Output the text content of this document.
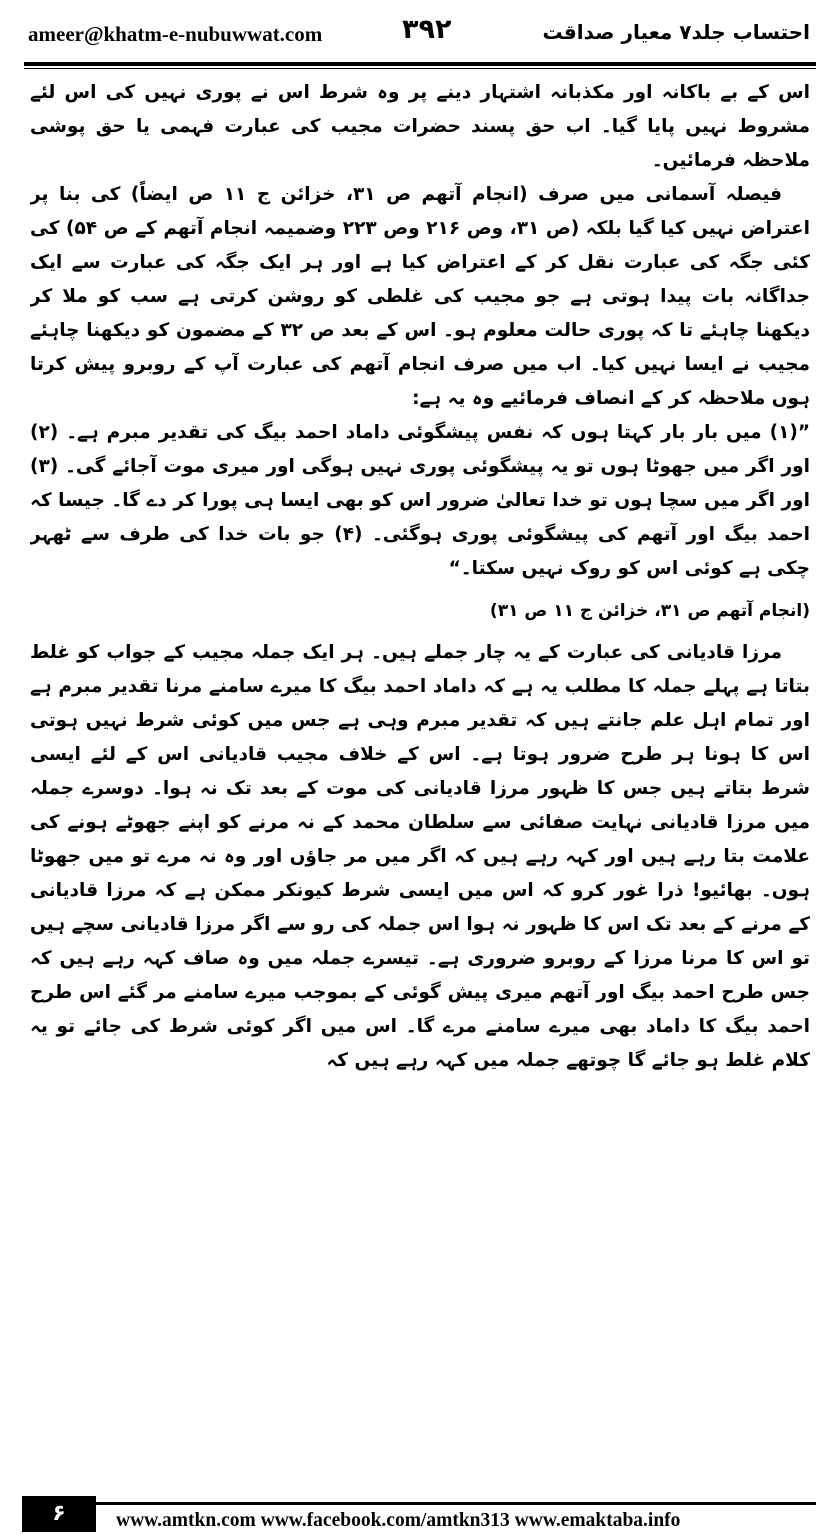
ameer@khatm-e-nubuwwat.com	٣٩٢	احتساب جلد۷ معیار صداقت

اس کے بے باکانہ اور مکذبانہ اشتہار دینے پر وہ شرط اس نے پوری نہیں کی اس لئے مشروط نہیں پایا گیا۔ اب حق پسند حضرات مجیب کی عبارت فہمی یا حق پوشی ملاحظہ فرمائیں۔

فیصلہ آسمانی میں صرف (انجام آتھم ص ۳۱، خزائن ج ۱۱ ص ایضاً) کی بنا پر اعتراض نہیں کیا گیا بلکہ (ص ۳۱، وص ۲۱۶ وص ۲۲۳ وضمیمہ انجام آتھم کے ص ۵۴) کی کئی جگہ کی عبارت نقل کر کے اعتراض کیا ہے اور ہر ایک جگہ کی عبارت سے ایک جداگانہ بات پیدا ہوتی ہے جو مجیب کی غلطی کو روشن کرتی ہے سب کو ملا کر دیکھنا چاہئے تا کہ پوری حالت معلوم ہو۔ اس کے بعد ص ۳۲ کے مضمون کو دیکھنا چاہئے مجیب نے ایسا نہیں کیا۔ اب میں صرف انجام آتھم کی عبارت آپ کے روبرو پیش کرتا ہوں ملاحظہ کر کے انصاف فرمائیے وہ یہ ہے:

”(۱) میں بار بار کہتا ہوں کہ نفس پیشگوئی داماد احمد بیگ کی تقدیر مبرم ہے۔ (۲) اور اگر میں جھوٹا ہوں تو یہ پیشگوئی پوری نہیں ہوگی اور میری موت آجائے گی۔ (۳) اور اگر میں سچا ہوں تو خدا تعالیٰ ضرور اس کو بھی ایسا ہی پورا کر دے گا۔ جیسا کہ احمد بیگ اور آتھم کی پیشگوئی پوری ہوگئی۔ (۴) جو بات خدا کی طرف سے ٹھہر چکی ہے کوئی اس کو روک نہیں سکتا۔“

(انجام آتھم ص ۳۱، خزائن ج ۱۱ ص ۳۱)

مرزا قادیانی کی عبارت کے یہ چار جملے ہیں۔ ہر ایک جملہ مجیب کے جواب کو غلط بتاتا ہے پہلے جملہ کا مطلب یہ ہے کہ داماد احمد بیگ کا میرے سامنے مرنا تقدیر مبرم ہے اور تمام اہل علم جانتے ہیں کہ تقدیر مبرم وہی ہے جس میں کوئی شرط نہیں ہوتی اس کا ہونا ہر طرح ضرور ہوتا ہے۔ اس کے خلاف مجیب قادیانی اس کے لئے ایسی شرط بتاتے ہیں جس کا ظہور مرزا قادیانی کی موت کے بعد تک نہ ہوا۔ دوسرے جملہ میں مرزا قادیانی نہایت صفائی سے سلطان محمد کے نہ مرنے کو اپنے جھوٹے ہونے کی علامت بتا رہے ہیں اور کہہ رہے ہیں کہ اگر میں مر جاؤں اور وہ نہ مرے تو میں جھوٹا ہوں۔ بھائیو! ذرا غور کرو کہ اس میں ایسی شرط کیونکر ممکن ہے کہ مرزا قادیانی کے مرنے کے بعد تک اس کا ظہور نہ ہوا اس جملہ کی رو سے اگر مرزا قادیانی سچے ہیں تو اس کا مرنا مرزا کے روبرو ضروری ہے۔ تیسرے جملہ میں وہ صاف کہہ رہے ہیں کہ جس طرح احمد بیگ اور آتھم میری پیش گوئی کے بموجب میرے سامنے مر گئے اس طرح احمد بیگ کا داماد بھی میرے سامنے مرے گا۔ اس میں اگر کوئی شرط کی جائے تو یہ کلام غلط ہو جائے گا چوتھے جملہ میں کہہ رہے ہیں کہ

۶	www.amtkn.com www.facebook.com/amtkn313 www.emaktaba.info
